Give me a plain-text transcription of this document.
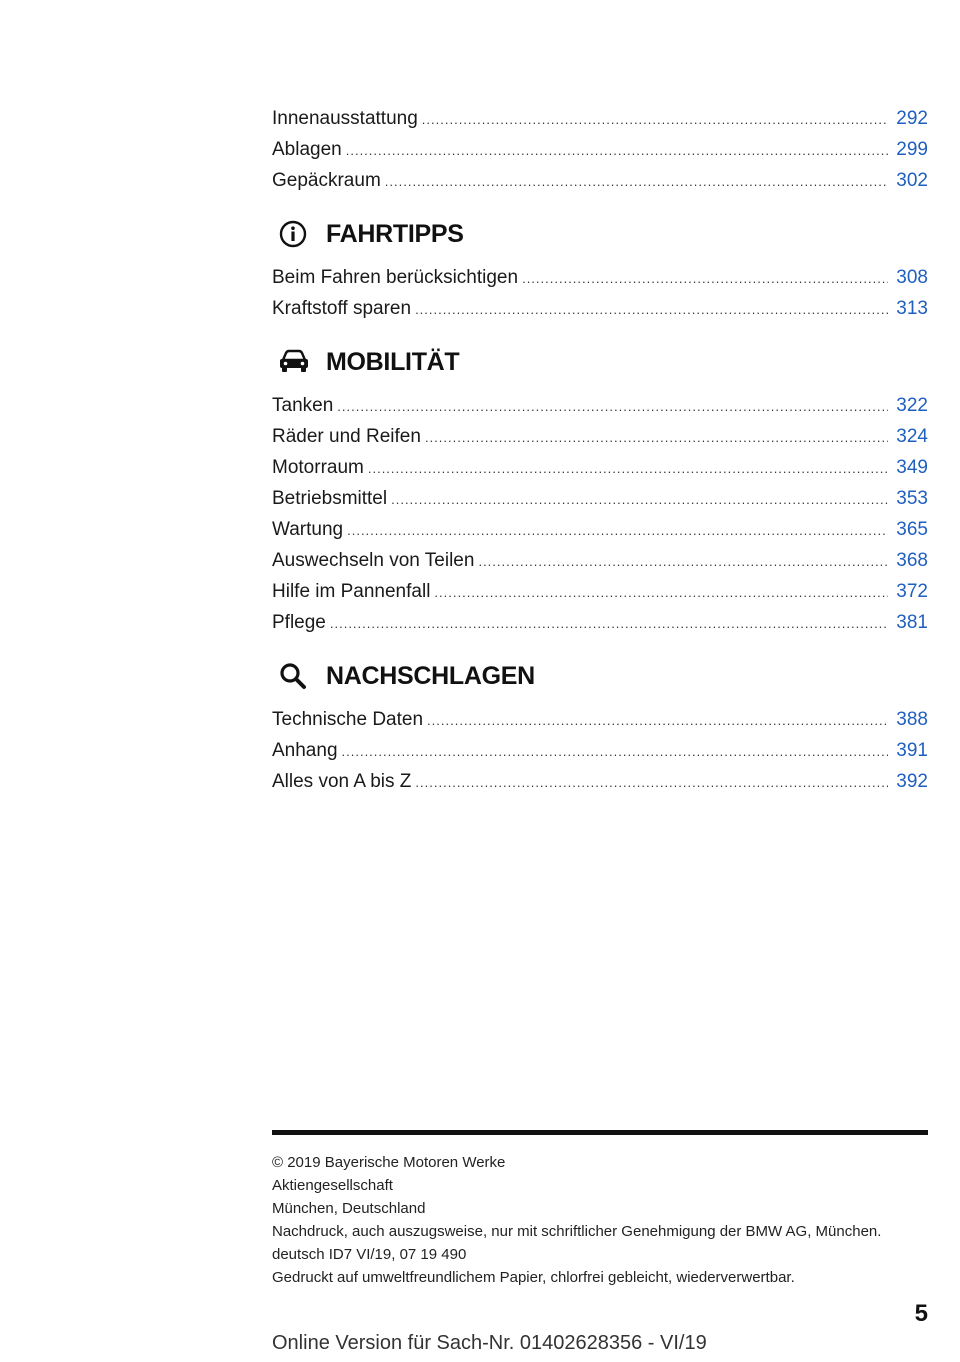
Innenausstattung .....	292
Ablagen .....	299
Gepäckraum .....	302
FAHRTIPPS
Beim Fahren berücksichtigen .....	308
Kraftstoff sparen .....	313
MOBILITÄT
Tanken .....	322
Räder und Reifen .....	324
Motorraum .....	349
Betriebsmittel .....	353
Wartung .....	365
Auswechseln von Teilen .....	368
Hilfe im Pannenfall .....	372
Pflege .....	381
NACHSCHLAGEN
Technische Daten .....	388
Anhang .....	391
Alles von A bis Z .....	392
© 2019 Bayerische Motoren Werke
Aktiengesellschaft
München, Deutschland
Nachdruck, auch auszugsweise, nur mit schriftlicher Genehmigung der BMW AG, München.
deutsch ID7 VI/19, 07 19 490
Gedruckt auf umweltfreundlichem Papier, chlorfrei gebleicht, wiederverwertbar.
5
Online Version für Sach-Nr. 01402628356 - VI/19
